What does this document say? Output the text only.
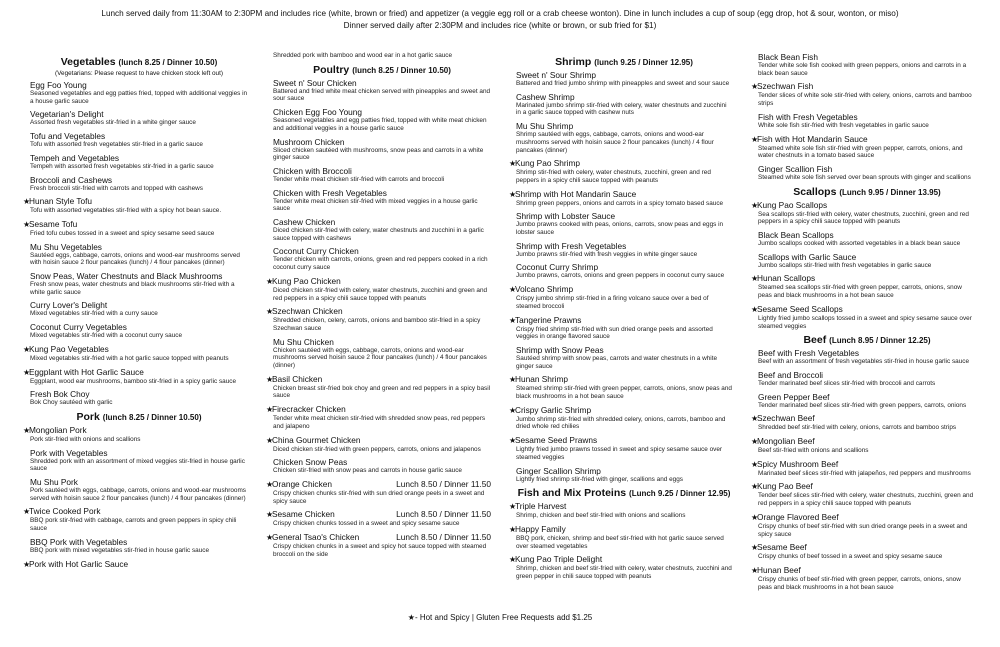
Lunch served daily from 11:30AM to 2:30PM and includes rice (white, brown or fried) and appetizer (a veggie egg roll or a crab cheese wonton). Dine in lunch includes a cup of soup (egg drop, hot & sour, wonton, or miso)
Dinner served daily after 2:30PM and includes rice (white or brown, or sub fried for $1)
Vegetables (lunch 8.25 / Dinner 10.50)
(Vegetarians: Please request to have chicken stock left out)
Egg Foo Young
Seasoned vegetables and egg patties fried, topped with additional veggies in a house garlic sauce
Vegetarian's Delight
Assorted fresh vegetables stir-fried in a white ginger sauce
Tofu and Vegetables
Tofu with assorted fresh vegetables stir-fried in a garlic sauce
Tempeh and Vegetables
Tempeh with assorted fresh vegetables stir-fried in a garlic sauce
Broccoli and Cashews
Fresh broccoli stir-fried with carrots and topped with cashews
★Hunan Style Tofu
Tofu with assorted vegetables stir-fried with a spicy hot bean sauce.
★Sesame Tofu
Fried tofu cubes tossed in a sweet and spicy sesame seed sauce
Mu Shu Vegetables
Sautéed eggs, cabbage, carrots, onions and wood-ear mushrooms served with hoisin sauce 2 flour pancakes (lunch) / 4 flour pancakes (dinner)
Snow Peas, Water Chestnuts and Black Mushrooms
Fresh snow peas, water chestnuts and black mushrooms stir-fried with a white garlic sauce
Curry Lover's Delight
Mixed vegetables stir-fried with a curry sauce
Coconut Curry Vegetables
Mixed vegetables stir-fried with a coconut curry sauce
★Kung Pao Vegetables
Mixed vegetables stir-fried with a hot garlic sauce topped with peanuts
★Eggplant with Hot Garlic Sauce
Eggplant, wood ear mushrooms, bamboo stir-fried in a spicy garlic sauce
Fresh Bok Choy
Bok Choy sautéed with garlic
Pork (lunch 8.25 / Dinner 10.50)
★Mongolian Pork
Pork stir-fried with onions and scallions
Pork with Vegetables
Shredded pork with an assortment of mixed veggies stir-fried in house garlic sauce
Mu Shu Pork
Pork sautéed with eggs, cabbage, carrots, onions and wood-ear mushrooms served with hoisin sauce 2 flour pancakes (lunch) / 4 flour pancakes (dinner)
★Twice Cooked Pork
BBQ pork stir-fried with cabbage, carrots and green peppers in spicy chili sauce
BBQ Pork with Vegetables
BBQ pork with mixed vegetables stir-fried in house garlic sauce
★Pork with Hot Garlic Sauce
Shredded pork with bamboo and wood ear in a hot garlic sauce
Poultry (lunch 8.25 / Dinner 10.50)
Sweet n' Sour Chicken
Battered and fried white meat chicken served with pineapples and sweet and sour sauce
Chicken Egg Foo Young
Seasoned vegetables and egg patties fried, topped with white meat chicken and additional veggies in a house garlic sauce
Mushroom Chicken
Sliced chicken sautéed with mushrooms, snow peas and carrots in a white ginger sauce
Chicken with Broccoli
Tender white meat chicken stir-fried with carrots and broccoli
Chicken with Fresh Vegetables
Tender white meat chicken stir-fried with mixed veggies in a house garlic sauce
Cashew Chicken
Diced chicken stir-fried with celery, water chestnuts and zucchini in a garlic sauce topped with cashews
Coconut Curry Chicken
Tender chicken with carrots, onions, green and red peppers cooked in a rich coconut curry sauce
★Kung Pao Chicken
Diced chicken stir-fried with celery, water chestnuts, zucchini and green and red peppers in a spicy chili sauce topped with peanuts
★Szechwan Chicken
Shredded chicken, celery, carrots, onions and bamboo stir-fried in a spicy Szechwan sauce
Mu Shu Chicken
Chicken sautéed with eggs, cabbage, carrots, onions and wood-ear mushrooms served hoisin sauce 2 flour pancakes (lunch) / 4 flour pancakes (dinner)
★Basil Chicken
Chicken breast stir-fried bok choy and green and red peppers in a spicy basil sauce
★Firecracker Chicken
Tender white meat chicken stir-fried with shredded snow peas, red peppers and jalapeno
★China Gourmet Chicken
Diced chicken stir-fried with green peppers, carrots, onions and jalapenos
Chicken Snow Peas
Chicken stir-fried with snow peas and carrots in house garlic sauce
Lunch 8.50 / Dinner 11.50
★Orange Chicken
Crispy chicken chunks stir-fried with sun dried orange peels in a sweet and spicy sauce
Lunch 8.50 / Dinner 11.50
★Sesame Chicken
Crispy chicken chunks tossed in a sweet and spicy sesame sauce
Lunch 8.50 / Dinner 11.50
★General Tsao's Chicken
Crispy chicken chunks in a sweet and spicy hot sauce topped with steamed broccoli on the side
Shrimp (lunch 9.25 / Dinner 12.95)
Sweet n' Sour Shrimp
Battered and fried jumbo shrimp with pineapples and sweet and sour sauce
Cashew Shrimp
Marinated jumbo shrimp stir-fried with celery, water chestnuts and zucchini in a garlic sauce topped with cashew nuts
Mu Shu Shrimp
Shrimp sautéed with eggs, cabbage, carrots, onions and wood-ear mushrooms served with hoisin sauce 2 flour pancakes (lunch) / 4 flour pancakes (dinner)
★Kung Pao Shrimp
Shrimp stir-fried with celery, water chestnuts, zucchini, green and red peppers in a spicy chili sauce topped with peanuts
★Shrimp with Hot Mandarin Sauce
Shrimp green peppers, onions and carrots in a spicy tomato based sauce
Shrimp with Lobster Sauce
Jumbo prawns cooked with peas, onions, carrots, snow peas and eggs in lobster sauce
Shrimp with Fresh Vegetables
Jumbo prawns stir-fried with fresh veggies in white ginger sauce
Coconut Curry Shrimp
Jumbo prawns, carrots, onions and green peppers in coconut curry sauce
★Volcano Shrimp
Crispy jumbo shrimp stir-fried in a firing volcano sauce over a bed of steamed broccoli
★Tangerine Prawns
Crispy fried shrimp stir-fried with sun dried orange peels and assorted veggies in orange flavored sauce
Shrimp with Snow Peas
Sautéed shrimp with snow peas, carrots and water chestnuts in a white ginger sauce
★Hunan Shrimp
Steamed shrimp stir-fried with green pepper, carrots, onions, snow peas and black mushrooms in a hot bean sauce
★Crispy Garlic Shrimp
Jumbo shrimp stir-fried with shredded celery, onions, carrots, bamboo and dried whole red chilies
★Sesame Seed Prawns
Lightly fried jumbo prawns tossed in sweet and spicy sesame sauce over steamed veggies
Ginger Scallion Shrimp
Lightly fried shrimp stir-fried with ginger, scallions and eggs
Fish and Mix Proteins (Lunch 9.25 / Dinner 12.95)
★Triple Harvest
Shrimp, chicken and beef stir-fried with onions and scallions
★Happy Family
BBQ pork, chicken, shrimp and beef stir-fried with hot garlic sauce served over steamed vegetables
★Kung Pao Triple Delight
Shrimp, chicken and beef stir-fried with celery, water chestnuts, zucchini and green pepper in chili sauce topped with peanuts
Black Bean Fish
Tender white sole fish cooked with green peppers, onions and carrots in a black bean sauce
★Szechwan Fish
Tender slices of white sole stir-fried with celery, onions, carrots and bamboo strips
Fish with Fresh Vegetables
White sole fish stir-fried with fresh vegetables in garlic sauce
★Fish with Hot Mandarin Sauce
Steamed white sole fish stir-fried with green pepper, carrots, onions, and water chestnuts in a tomato based sauce
Ginger Scallion Fish
Steamed white sole fish served over bean sprouts with ginger and scallions
Scallops (Lunch 9.95 / Dinner 13.95)
★Kung Pao Scallops
Sea scallops stir-fried with celery, water chestnuts, zucchini, green and red peppers in a spicy chili sauce topped with peanuts
Black Bean Scallops
Jumbo scallops cooked with assorted vegetables in a black bean sauce
Scallops with Garlic Sauce
Jumbo scallops stir-fried with fresh vegetables in garlic sauce
★Hunan Scallops
Steamed sea scallops stir-fried with green pepper, carrots, onions, snow peas and black mushrooms in a hot bean sauce
★Sesame Seed Scallops
Lightly fried jumbo scallops tossed in a sweet and spicy sesame sauce over steamed veggies
Beef (Lunch 8.95 / Dinner 12.25)
Beef with Fresh Vegetables
Beef with an assortment of fresh vegetables stir-fried in house garlic sauce
Beef and Broccoli
Tender marinated beef slices stir-fried with broccoli and carrots
Green Pepper Beef
Tender marinated beef slices stir-fried with green peppers, carrots, onions
★Szechwan Beef
Shredded beef stir-fried with celery, onions, carrots and bamboo strips
★Mongolian Beef
Beef stir-fried with onions and scallions
★Spicy Mushroom Beef
Marinated beef slices stir-fried with jalapeños, red peppers and mushrooms
★Kung Pao Beef
Tender beef slices stir-fried with celery, water chestnuts, zucchini, green and red peppers in a spicy chili sauce topped with peanuts
★Orange Flavored Beef
Crispy chunks of beef stir-fried with sun dried orange peels in a sweet and spicy sauce
★Sesame Beef
Crispy chunks of beef tossed in a sweet and spicy sesame sauce
★Hunan Beef
Crispy chunks of beef stir-fried with green pepper, carrots, onions, snow peas and black mushrooms in a hot bean sauce
★- Hot and Spicy | Gluten Free Requests add $1.25
